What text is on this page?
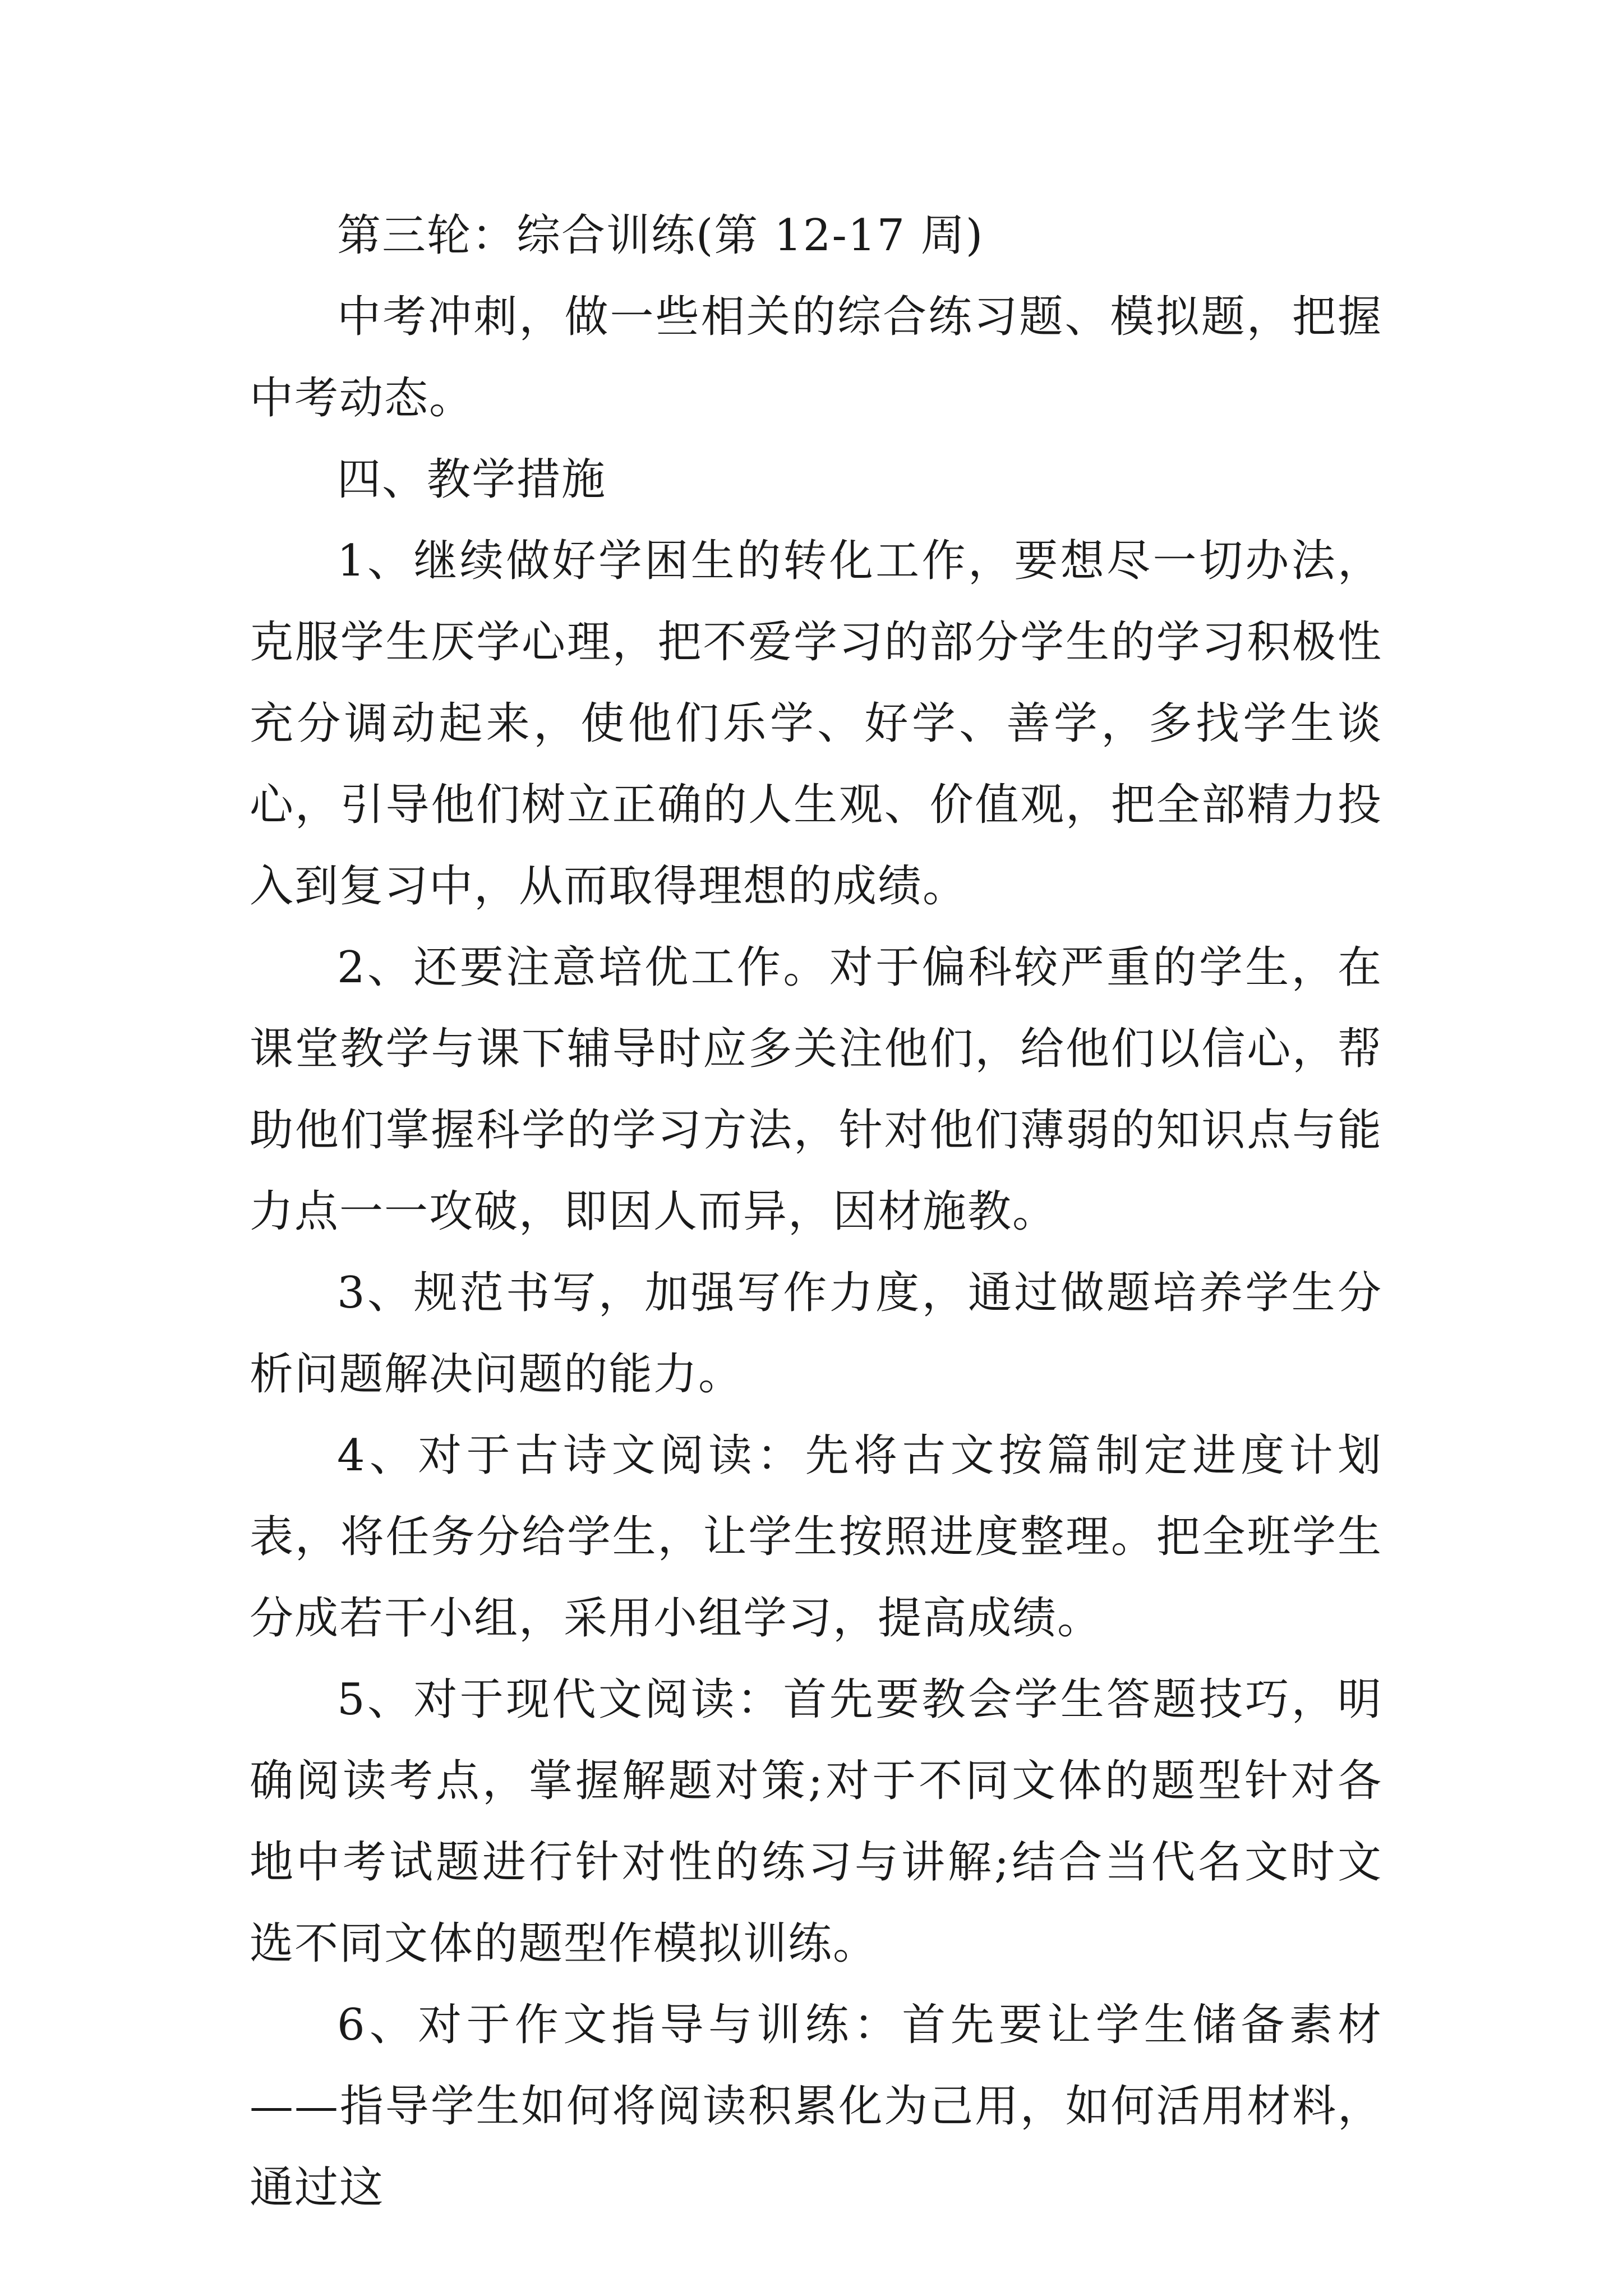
第三轮：综合训练(第 12-17 周)

中考冲刺，做一些相关的综合练习题、模拟题，把握中考动态。

四、教学措施

1、继续做好学困生的转化工作，要想尽一切办法，克服学生厌学心理，把不爱学习的部分学生的学习积极性充分调动起来，使他们乐学、好学、善学，多找学生谈心，引导他们树立正确的人生观、价值观，把全部精力投入到复习中，从而取得理想的成绩。

2、还要注意培优工作。对于偏科较严重的学生，在课堂教学与课下辅导时应多关注他们，给他们以信心，帮助他们掌握科学的学习方法，针对他们薄弱的知识点与能力点一一攻破，即因人而异，因材施教。

3、规范书写，加强写作力度，通过做题培养学生分析问题解决问题的能力。

4、对于古诗文阅读：先将古文按篇制定进度计划表，将任务分给学生，让学生按照进度整理。把全班学生分成若干小组，采用小组学习，提高成绩。

5、对于现代文阅读：首先要教会学生答题技巧，明确阅读考点，掌握解题对策;对于不同文体的题型针对各地中考试题进行针对性的练习与讲解;结合当代名文时文选不同文体的题型作模拟训练。

6、对于作文指导与训练：首先要让学生储备素材——指导学生如何将阅读积累化为己用，如何活用材料，通过这
